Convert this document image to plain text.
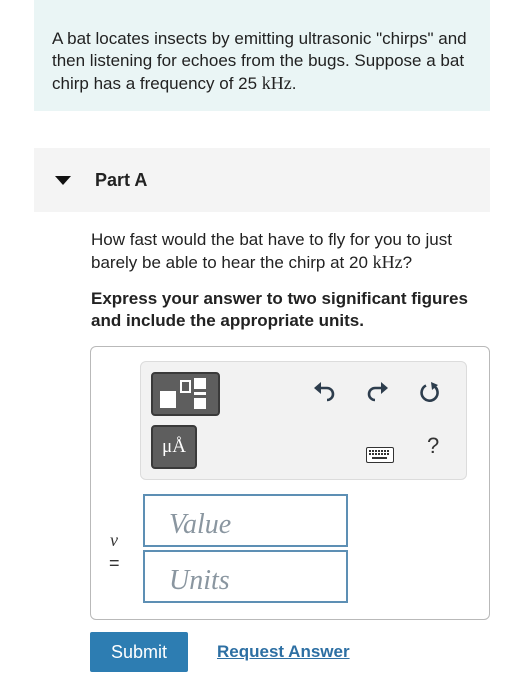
A bat locates insects by emitting ultrasonic "chirps" and then listening for echoes from the bugs. Suppose a bat chirp has a frequency of 25 kHz.
Part A
How fast would the bat have to fly for you to just barely be able to hear the chirp at 20 kHz?
Express your answer to two significant figures and include the appropriate units.
μÅ	?
v
=
Value
Units
Submit	Request Answer
